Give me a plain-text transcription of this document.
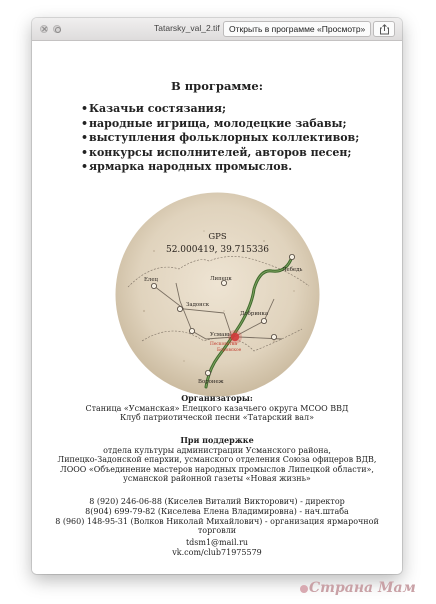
Tatarsky_val_2.tif	Открыть в программе «Просмотр»
В программе:
• Казачьи состязания;
• народные игрища, молодецкие забавы;
• выступления фольклорных коллективов;
• конкурсы исполнителей, авторов песен;
• ярмарка народных промыслов.
GPS
52.000419, 39.715336
Елец	Липецк
Лебедь
Задонск
Добринка
Усмань
Воронеж
Песковатка
Боровское
Организаторы:
Станица «Усманская» Елецкого казачьего округа МСОО ВВД
Клуб патриотической песни «Татарский вал»
При поддержке
отдела культуры администрации Усманского района,
Липецко-Задонской епархии, усманского отделения Союза офицеров ВДВ,
ЛООО «Объединение мастеров народных промыслов Липецкой области»,
усманской районной газеты «Новая жизнь»
8 (920) 246-06-88 (Киселев Виталий Викторович) - директор
8(904) 699-79-82 (Киселева Елена Владимировна) - нач.штаба
8 (960) 148-95-31 (Волков Николай Михайлович) - организация ярмарочной
торговли
tdsm1@mail.ru
vk.com/club71975579
Страна Мам
